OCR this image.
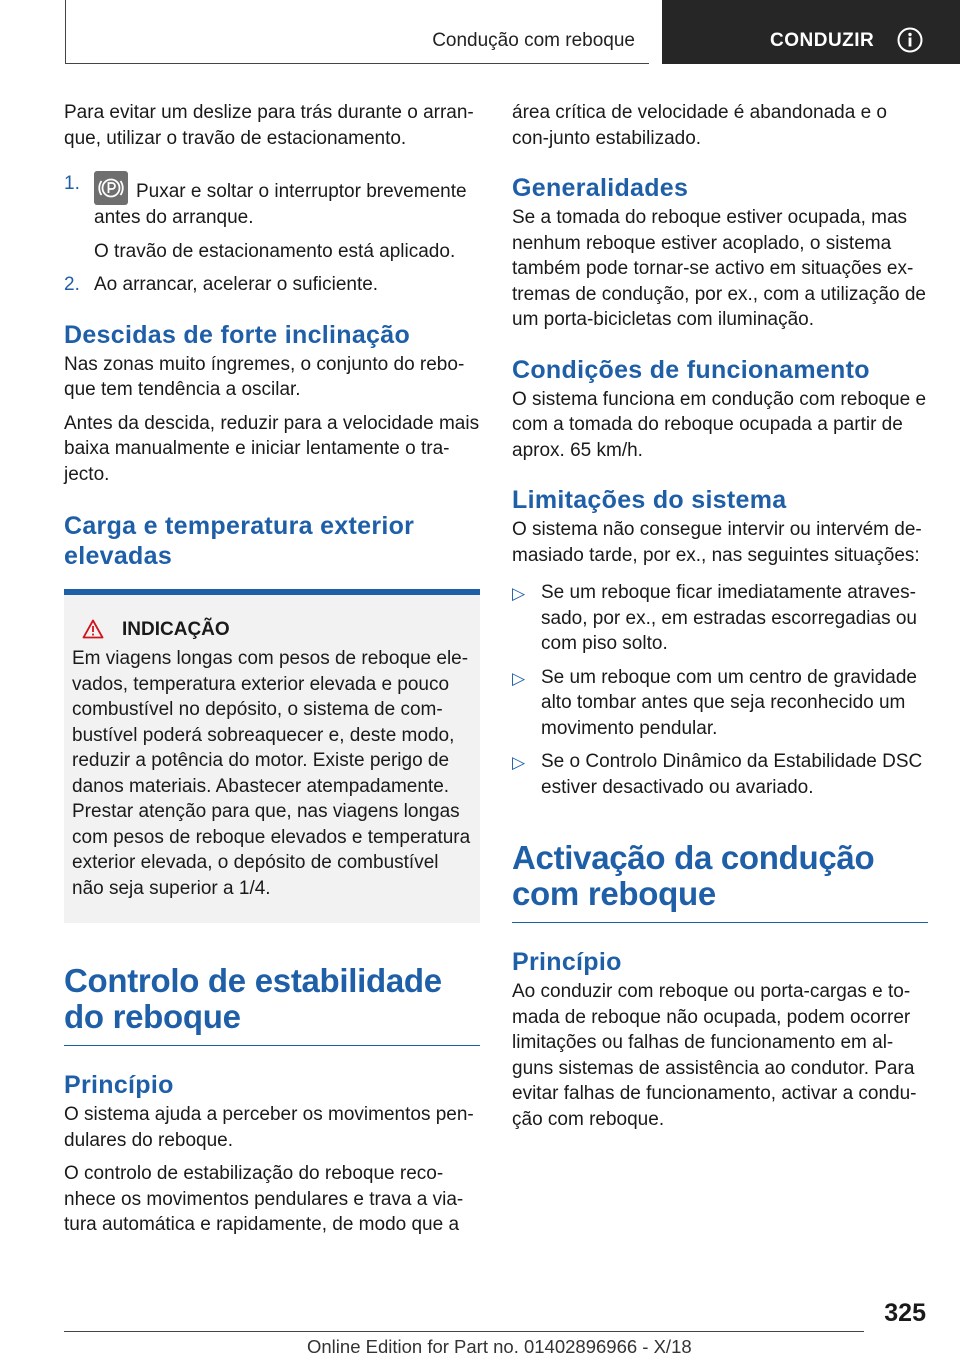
Condução com reboque	CONDUZIR

Para evitar um deslize para trás durante o arran-que, utilizar o travão de estacionamento.

1.	Puxar e soltar o interruptor brevemente antes do arranque.

O travão de estacionamento está aplicado.

2. Ao arrancar, acelerar o suficiente.

Descidas de forte inclinação

Nas zonas muito íngremes, o conjunto do rebo-que tem tendência a oscilar.

Antes da descida, reduzir para a velocidade mais baixa manualmente e iniciar lentamente o tra-jecto.

Carga e temperatura exterior elevadas
INDICAÇÃO

Em viagens longas com pesos de reboque ele-vados, temperatura exterior elevada e pouco combustível no depósito, o sistema de com-bustível poderá sobreaquecer e, deste modo, reduzir a potência do motor. Existe perigo de danos materiais. Abastecer atempadamente. Prestar atenção para que, nas viagens longas com pesos de reboque elevados e temperatura exterior elevada, o depósito de combustível não seja superior a 1/4.

Controlo de estabilidade do reboque
Princípio

O sistema ajuda a perceber os movimentos pen-dulares do reboque.

O controlo de estabilização do reboque reco-nhece os movimentos pendulares e trava a via-tura automática e rapidamente, de modo que a

área crítica de velocidade é abandonada e o con-junto estabilizado.

Generalidades

Se a tomada do reboque estiver ocupada, mas nenhum reboque estiver acoplado, o sistema também pode tornar-se activo em situações ex-tremas de condução, por ex., com a utilização de um porta-bicicletas com iluminação.

Condições de funcionamento

O sistema funciona em condução com reboque e com a tomada do reboque ocupada a partir de aprox. 65 km/h.

Limitações do sistema

O sistema não consegue intervir ou intervém de-masiado tarde, por ex., nas seguintes situações:

▷ Se um reboque ficar imediatamente atraves-sado, por ex., em estradas escorregadias ou com piso solto.

▷ Se um reboque com um centro de gravidade alto tombar antes que seja reconhecido um movimento pendular.

▷ Se o Controlo Dinâmico da Estabilidade DSC estiver desactivado ou avariado.

Activação da condução com reboque
Princípio

Ao conduzir com reboque ou porta-cargas e to-mada de reboque não ocupada, podem ocorrer limitações ou falhas de funcionamento em al-guns sistemas de assistência ao condutor. Para evitar falhas de funcionamento, activar a condu-ção com reboque.

325
Online Edition for Part no. 01402896966 - X/18
